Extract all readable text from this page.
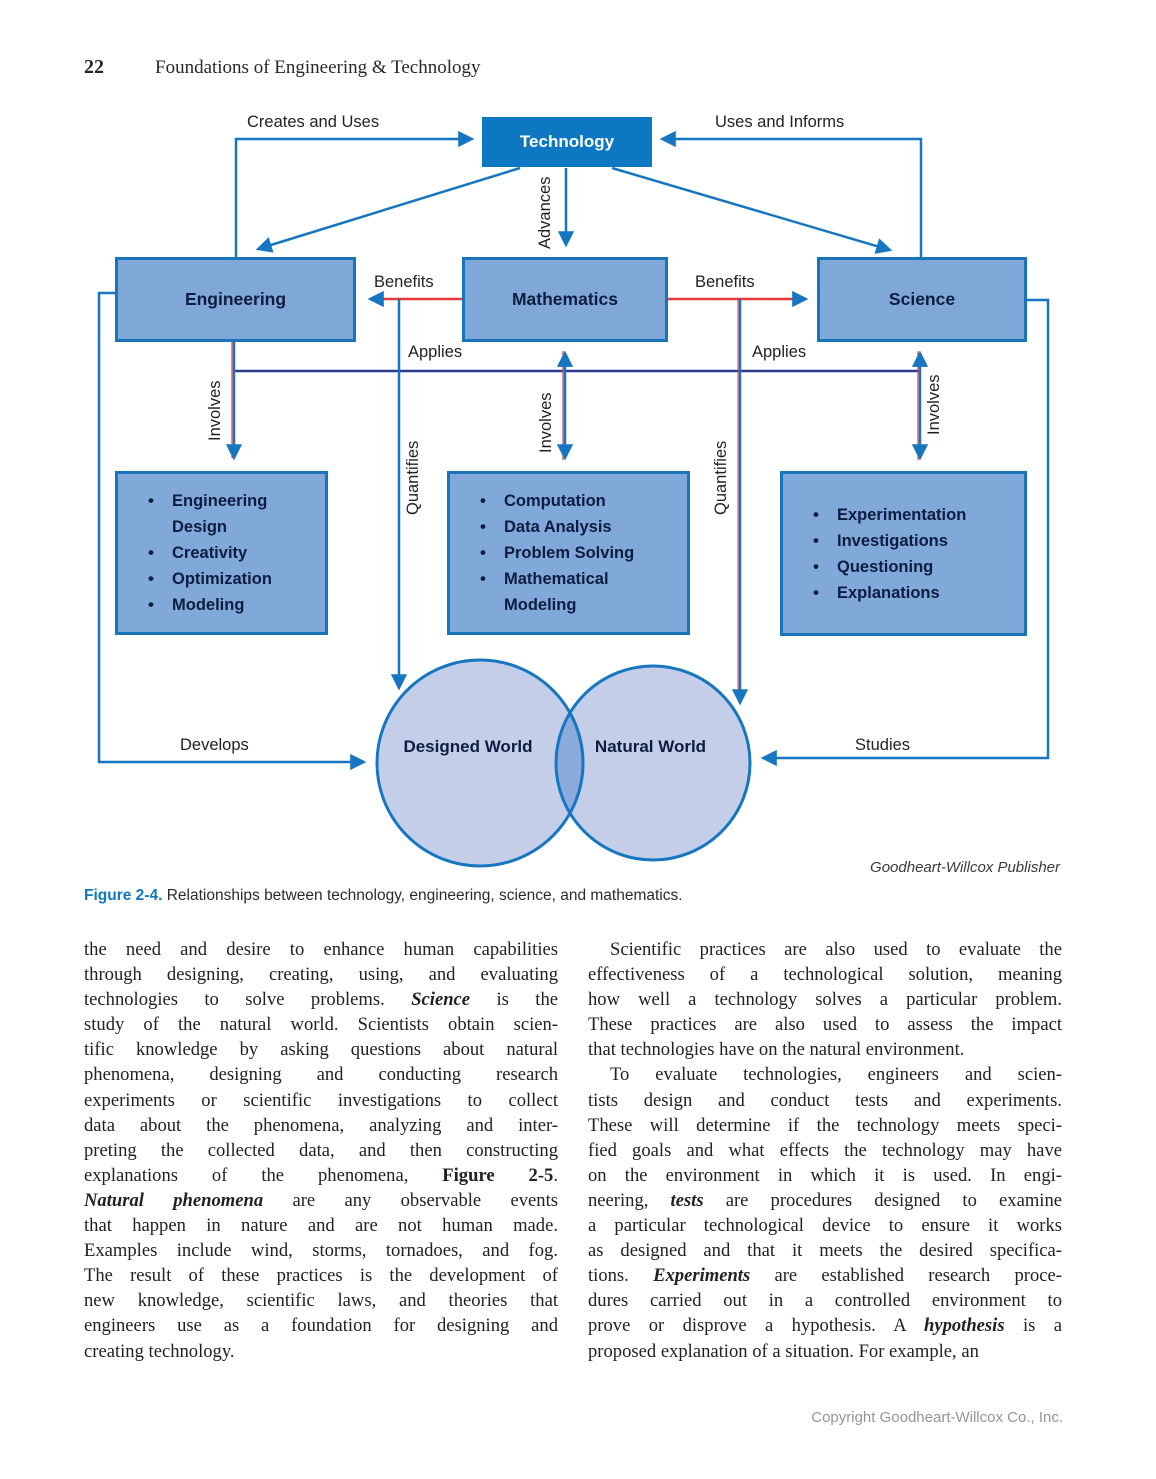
22	Foundations of Engineering & Technology
Technology
Engineering	Mathematics	Science
•	Engineering Design
•	Creativity
•	Optimization
•	Modeling
•	Computation
•	Data Analysis
•	Problem Solving
•	Mathematical Modeling
•	Experimentation
•	Investigations
•	Questioning
•	Explanations
Creates and Uses	Uses and Informs
Benefits	Benefits
Applies	Applies
Develops	Studies
Advances
Involves	Involves	Involves
Quantifies	Quantifies
Designed World	Natural World
Goodheart-Willcox Publisher
Figure 2-4. Relationships between technology, engineering, science, and mathematics.
the need and desire to enhance human capabilities
through designing, creating, using, and evaluating
technologies to solve problems. Science is the
study of the natural world. Scientists obtain scien-
tific knowledge by asking questions about natural
phenomena, designing and conducting research
experiments or scientific investigations to collect
data about the phenomena, analyzing and inter-
preting the collected data, and then constructing
explanations of the phenomena, Figure 2-5.
Natural phenomena are any observable events
that happen in nature and are not human made.
Examples include wind, storms, tornadoes, and fog.
The result of these practices is the development of
new knowledge, scientific laws, and theories that
engineers use as a foundation for designing and
creating technology.
Scientific practices are also used to evaluate the
effectiveness of a technological solution, meaning
how well a technology solves a particular problem.
These practices are also used to assess the impact
that technologies have on the natural environment.
To evaluate technologies, engineers and scien-
tists design and conduct tests and experiments.
These will determine if the technology meets speci-
fied goals and what effects the technology may have
on the environment in which it is used. In engi-
neering, tests are procedures designed to examine
a particular technological device to ensure it works
as designed and that it meets the desired specifica-
tions. Experiments are established research proce-
dures carried out in a controlled environment to
prove or disprove a hypothesis. A hypothesis is a
proposed explanation of a situation. For example, an
Copyright Goodheart-Willcox Co., Inc.
